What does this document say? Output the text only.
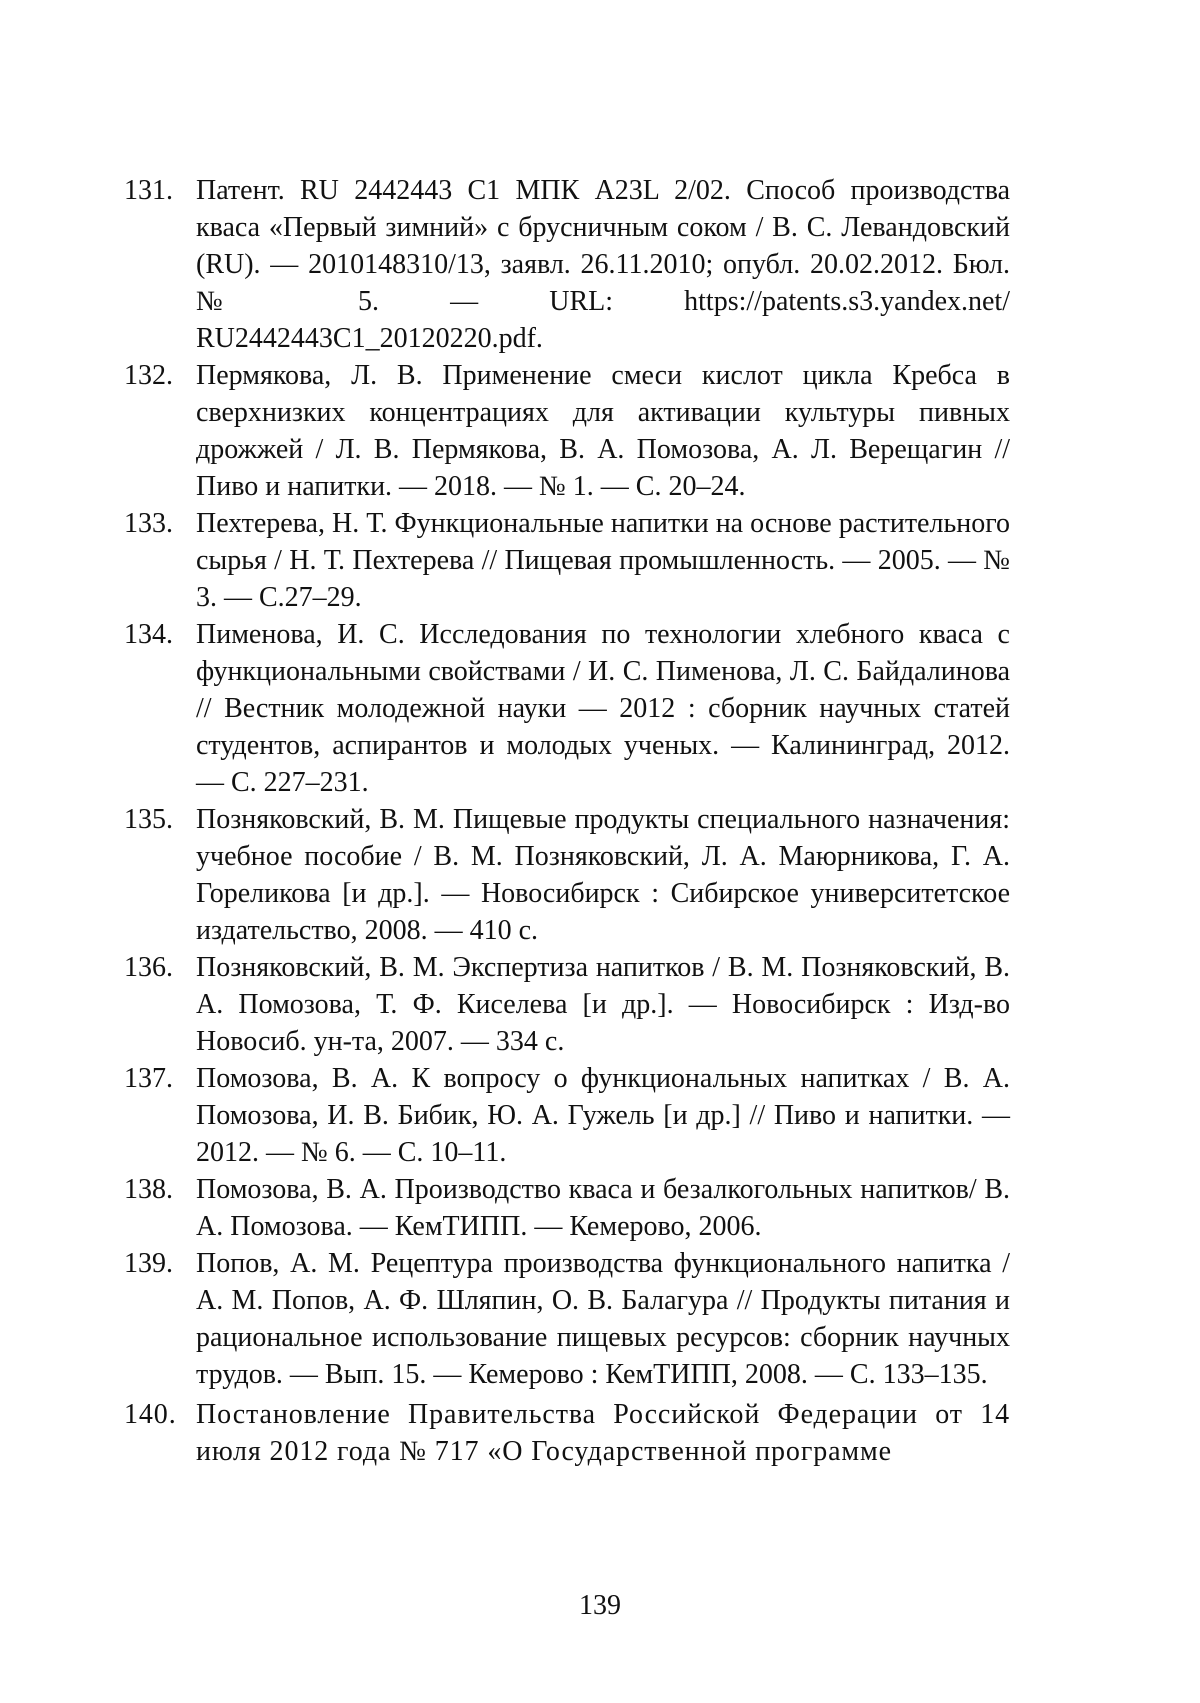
131. Патент. RU 2442443 C1 МПК A23L 2/02. Способ производства кваса «Первый зимний» с брусничным соком / В. С. Левандовский (RU). — 2010148310/13, заявл. 26.11.2010; опубл. 20.02.2012. Бюл. № 5. — URL: https://patents.s3.yandex.net/ RU2442443C1_20120220.pdf.
132. Пермякова, Л. В. Применение смеси кислот цикла Кребса в сверхнизких концентрациях для активации культуры пивных дрожжей / Л. В. Пермякова, В. А. Помозова, А. Л. Верещагин // Пиво и напитки. — 2018. — № 1. — С. 20–24.
133. Пехтерева, Н. Т. Функциональные напитки на основе растительного сырья / Н. Т. Пехтерева // Пищевая промышленность. — 2005. — № 3. — С.27–29.
134. Пименова, И. С. Исследования по технологии хлебного кваса с функциональными свойствами / И. С. Пименова, Л. С. Байдалинова // Вестник молодежной науки — 2012 : сборник научных статей студентов, аспирантов и молодых ученых. — Калининград, 2012. — С. 227–231.
135. Позняковский, В. М. Пищевые продукты специального назначения: учебное пособие / В. М. Позняковский, Л. А. Маюрникова, Г. А. Гореликова [и др.]. — Новосибирск : Сибирское университетское издательство, 2008. — 410 с.
136. Позняковский, В. М. Экспертиза напитков / В. М. Позняковский, В. А. Помозова, Т. Ф. Киселева [и др.]. — Новосибирск : Изд-во Новосиб. ун-та, 2007. — 334 с.
137. Помозова, В. А. К вопросу о функциональных напитках / В. А. Помозова, И. В. Бибик, Ю. А. Гужель [и др.] // Пиво и напитки. — 2012. — № 6. — С. 10–11.
138. Помозова, В. А. Производство кваса и безалкогольных напитков/ В. А. Помозова. — КемТИПП. — Кемерово, 2006.
139. Попов, А. М. Рецептура производства функционального напитка / А. М. Попов, А. Ф. Шляпин, О. В. Балагура // Продукты питания и рациональное использование пищевых ресурсов: сборник научных трудов. — Вып. 15. — Кемерово : КемТИПП, 2008. — С. 133–135.
140. Постановление Правительства Российской Федерации от 14 июля 2012 года № 717 «О Государственной программе
139
